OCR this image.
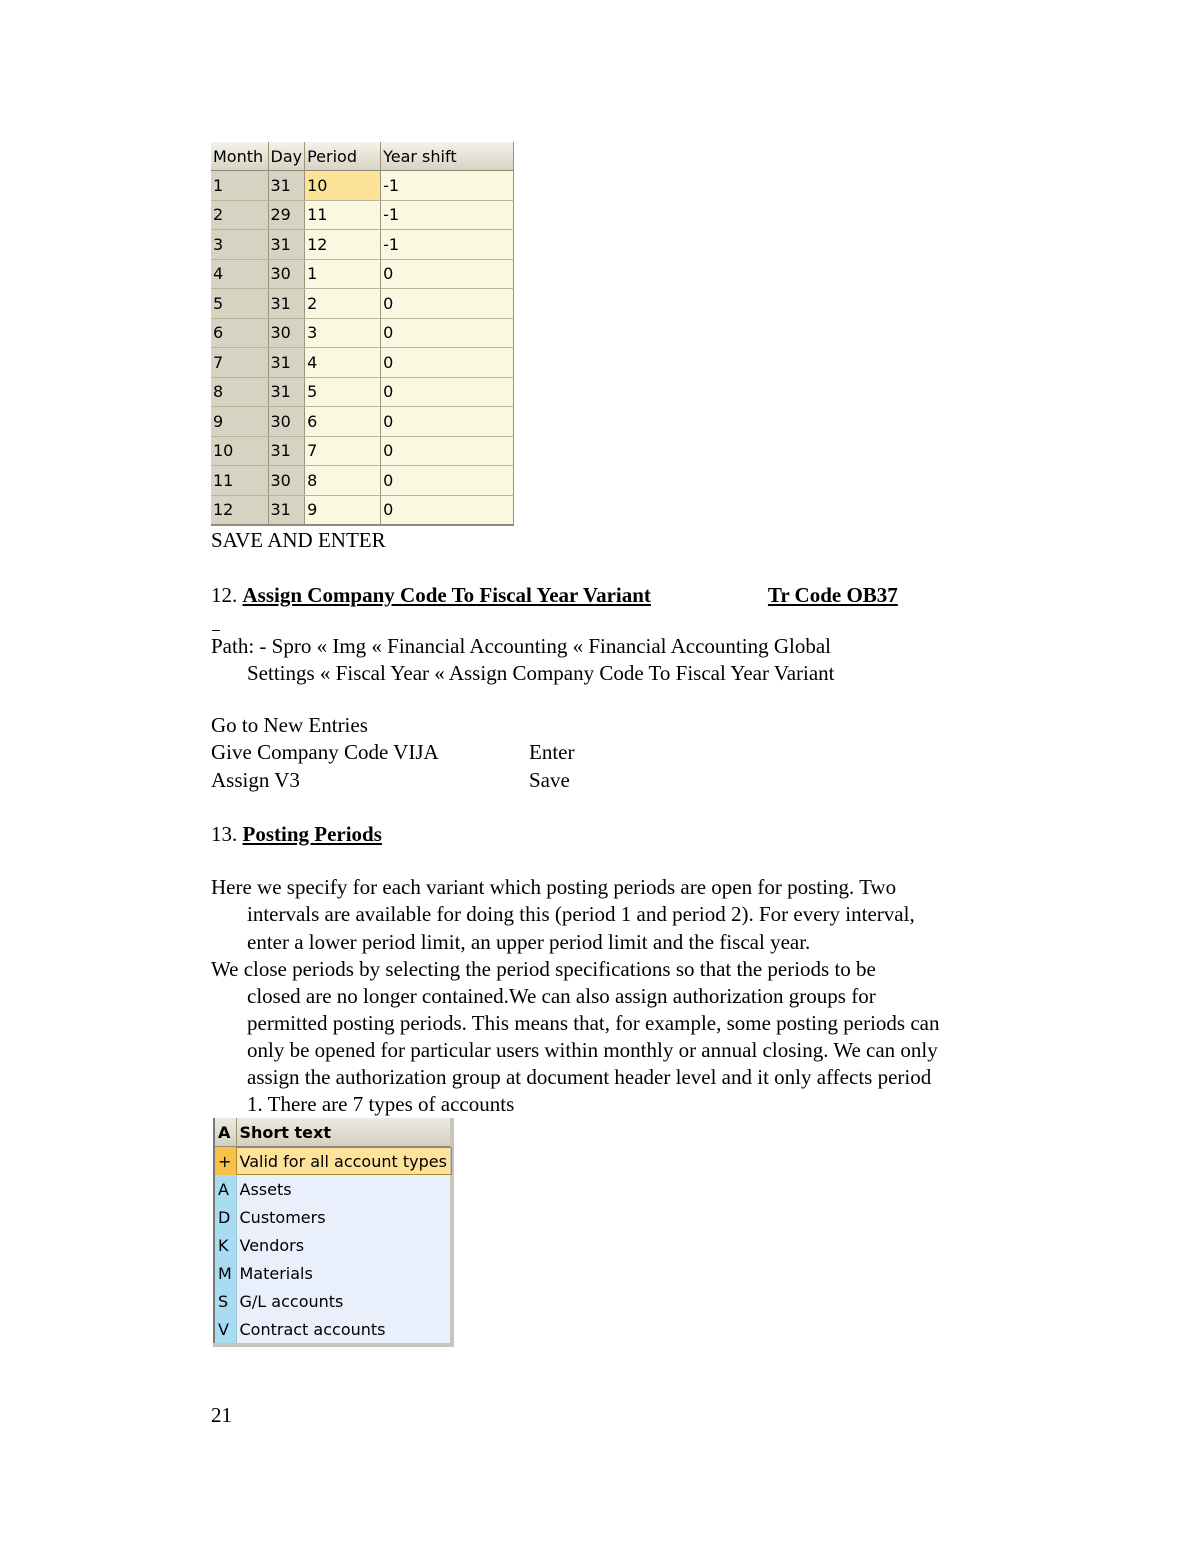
Month	Day	Period	Year shift
1	31	10	-1
2	29	11	-1
3	31	12	-1
4	30	1	0
5	31	2	0
6	30	3	0
7	31	4	0
8	31	5	0
9	30	6	0
10	31	7	0
11	30	8	0
12	31	9	0
SAVE AND ENTER
12. Assign Company Code To Fiscal Year Variant	Tr Code OB37
Path: - Spro « Img « Financial Accounting « Financial Accounting Global
Settings « Fiscal Year « Assign Company Code To Fiscal Year Variant
Go to New Entries
Give Company Code VIJA	Enter
Assign V3	Save
13. Posting Periods
Here we specify for each variant which posting periods are open for posting. Two
intervals are available for doing this (period 1 and period 2). For every interval,
enter a lower period limit, an upper period limit and the fiscal year.
We close periods by selecting the period specifications so that the periods to be
closed are no longer contained.We can also assign authorization groups for
permitted posting periods. This means that, for example, some posting periods can
only be opened for particular users within monthly or annual closing. We can only
assign the authorization group at document header level and it only affects period
1. There are 7 types of accounts
A	Short text
+	Valid for all account types
A	Assets
D	Customers
K	Vendors
M	Materials
S	G/L accounts
V	Contract accounts
21
